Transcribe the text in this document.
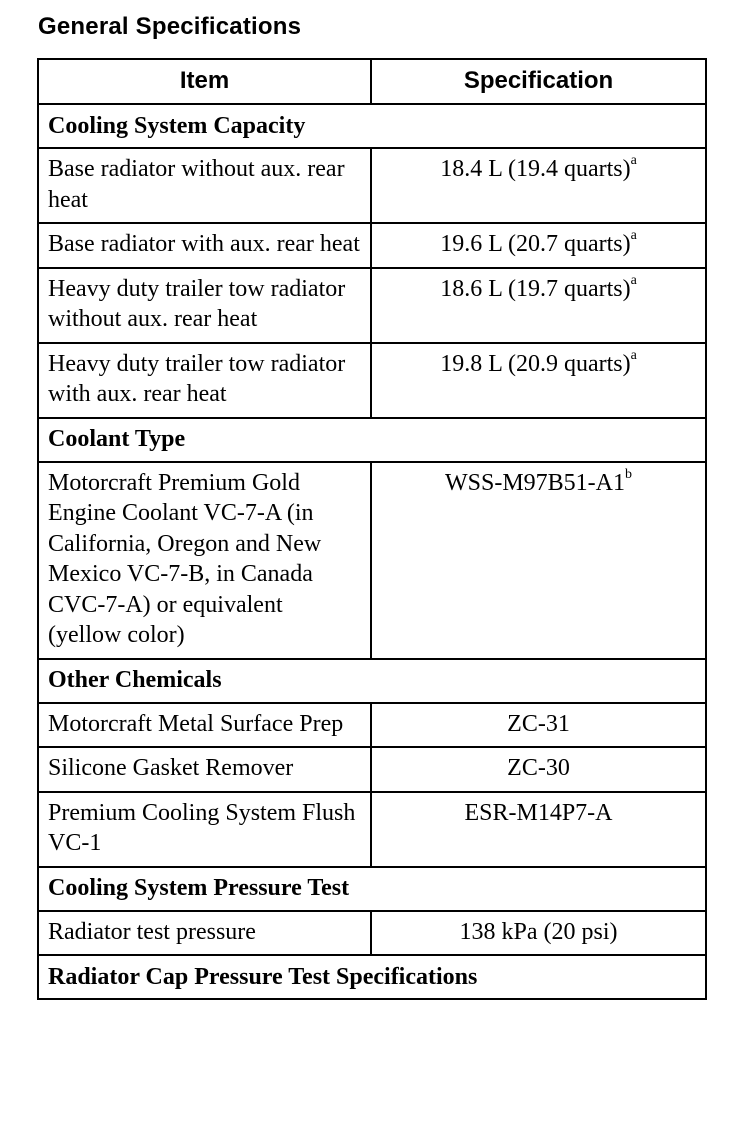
General Specifications
Item	Specification
Cooling System Capacity	
Base radiator without aux. rear heat	18.4 L (19.4 quarts)$^a$
Base radiator with aux. rear heat	19.6 L (20.7 quarts)$^a$
Heavy duty trailer tow radiator without aux. rear heat	18.6 L (19.7 quarts)$^a$
Heavy duty trailer tow radiator with aux. rear heat	19.8 L (20.9 quarts)$^a$
Coolant Type	
Motorcraft Premium Gold Engine Coolant VC-7-A (in California, Oregon and New Mexico VC-7-B, in Canada CVC-7-A) or equivalent (yellow color)	WSS-M97B51-A1$^b$
Other Chemicals	
Motorcraft Metal Surface Prep	ZC-31
Silicone Gasket Remover	ZC-30
Premium Cooling System Flush VC-1	ESR-M14P7-A
Cooling System Pressure Test	
Radiator test pressure	138 kPa (20 psi)
Radiator Cap Pressure Test Specifications	
